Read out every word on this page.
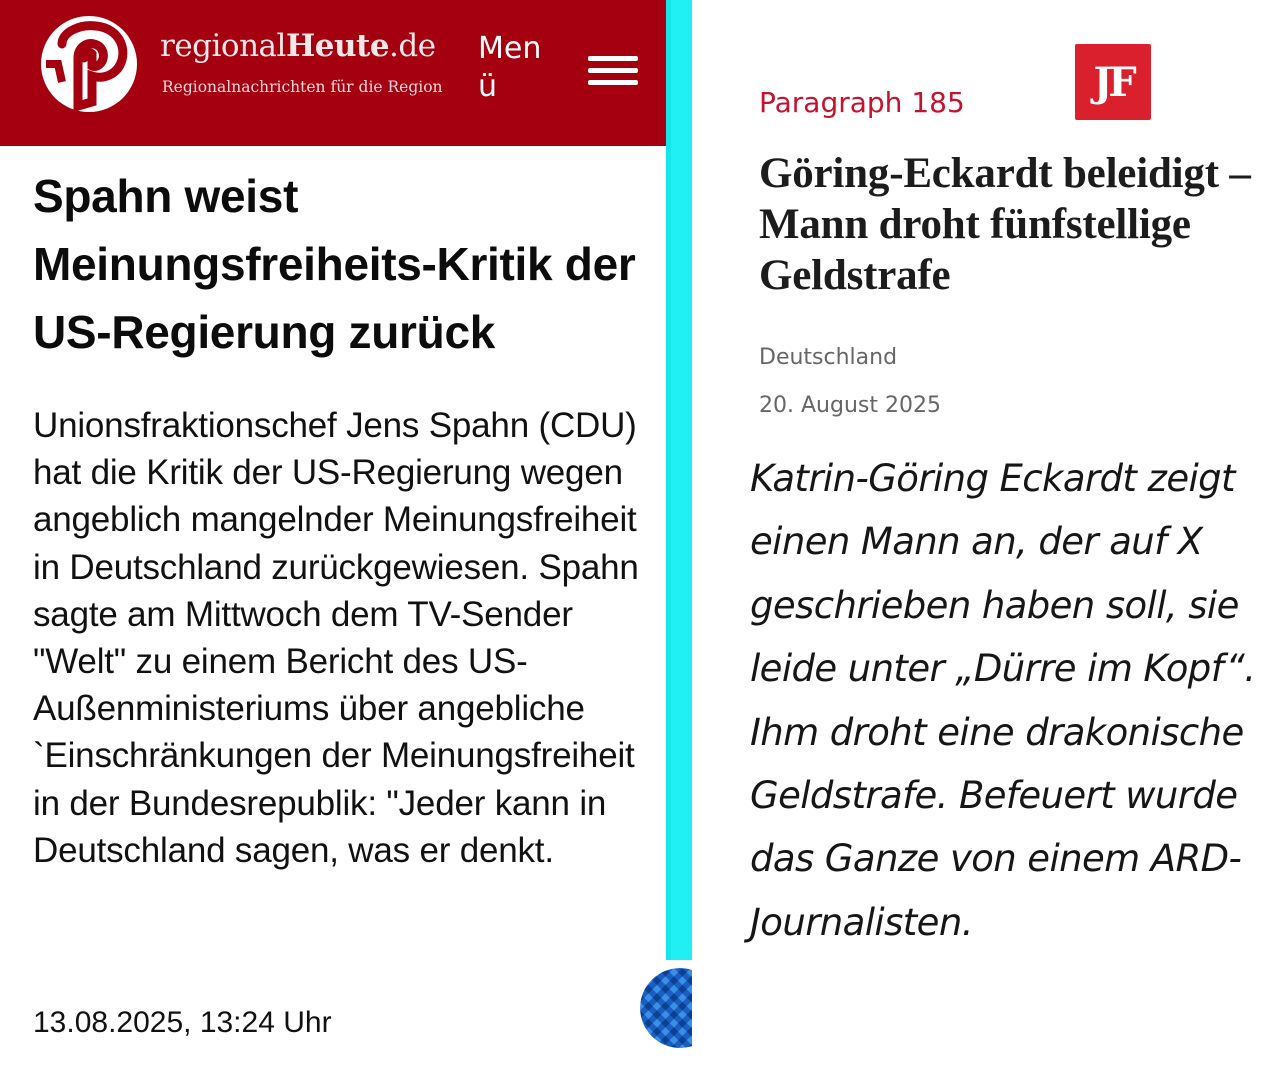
regionalHeute.de
Regionalnachrichten für die Region
Menü
Spahn weist Meinungsfreiheits-Kritik der US-Regierung zurück

Unionsfraktionschef Jens Spahn (CDU) hat die Kritik der US-Regierung wegen angeblich mangelnder Meinungsfreiheit in Deutschland zurückgewiesen. Spahn sagte am Mittwoch dem TV-Sender "Welt" zu einem Bericht des US-Außenministeriums über angebliche `Einschränkungen der Meinungsfreiheit in der Bundesrepublik: "Jeder kann in Deutschland sagen, was er denkt.

13.08.2025, 13:24 Uhr
Paragraph 185	JF
Göring-Eckardt beleidigt – Mann droht fünfstellige Geldstrafe
Deutschland
20. August 2025

Katrin-Göring Eckardt zeigt einen Mann an, der auf X geschrieben haben soll, sie leide unter „Dürre im Kopf“. Ihm droht eine drakonische Geldstrafe. Befeuert wurde das Ganze von einem ARD-Journalisten.
